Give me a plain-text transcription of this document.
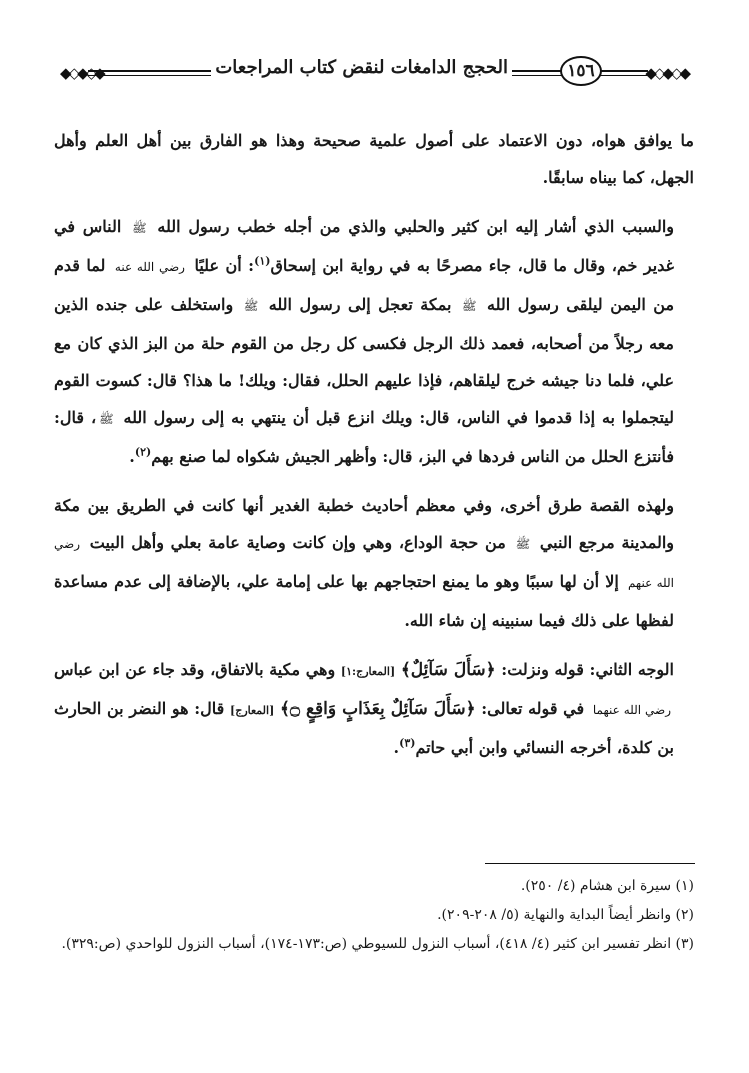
◆◇◆◇◆
١٥٦
الحجج الدامغات لنقض كتاب المراجعات
◆◇◆◇◆

ما يوافق هواه، دون الاعتماد على أصول علمية صحيحة وهذا هو الفارق بين أهل العلم وأهل الجهل، كما بيناه سابقًا.

والسبب الذي أشار إليه ابن كثير والحلبي والذي من أجله خطب رسول الله ﷺ الناس في غدير خم، وقال ما قال، جاء مصرحًا به في رواية ابن إسحاق$^{(١)}$: أن عليًا رضي الله عنه لما قدم من اليمن ليلقى رسول الله ﷺ بمكة تعجل إلى رسول الله ﷺ واستخلف على جنده الذين معه رجلاً من أصحابه، فعمد ذلك الرجل فكسى كل رجل من القوم حلة من البز الذي كان مع علي، فلما دنا جيشه خرج ليلقاهم، فإذا عليهم الحلل، فقال: ويلك! ما هذا؟ قال: كسوت القوم ليتجملوا به إذا قدموا في الناس، قال: ويلك انزع قبل أن ينتهي به إلى رسول الله ﷺ، قال: فأنتزع الحلل من الناس فردها في البز، قال: وأظهر الجيش شكواه لما صنع بهم$^{(٢)}$.

ولهذه القصة طرق أخرى، وفي معظم أحاديث خطبة الغدير أنها كانت في الطريق بين مكة والمدينة مرجع النبي ﷺ من حجة الوداع، وهي وإن كانت وصاية عامة بعلي وأهل البيت رضي الله عنهم إلا أن لها سببًا وهو ما يمنع احتجاجهم بها على إمامة علي، بالإضافة إلى عدم مساعدة لفظها على ذلك فيما سنبينه إن شاء الله.

الوجه الثاني: قوله ونزلت: ﴿سَأَلَ سَآئِلٌ﴾ [المعارج:١] وهي مكية بالاتفاق، وقد جاء عن ابن عباس رضي الله عنهما في قوله تعالى: ﴿سَأَلَ سَآئِلٌ بِعَذَابٍ وَاقِعٍ ۝﴾ [المعارج] قال: هو النضر بن الحارث بن كلدة، أخرجه النسائي وابن أبي حاتم$^{(٣)}$.

(١) سيرة ابن هشام (٤/ ٢٥٠).

(٢) وانظر أيضاً البداية والنهاية (٥/ ٢٠٨-٢٠٩).

(٣) انظر تفسير ابن كثير (٤/ ٤١٨)، أسباب النزول للسيوطي (ص:١٧٣-١٧٤)، أسباب النزول للواحدي (ص:٣٢٩).
